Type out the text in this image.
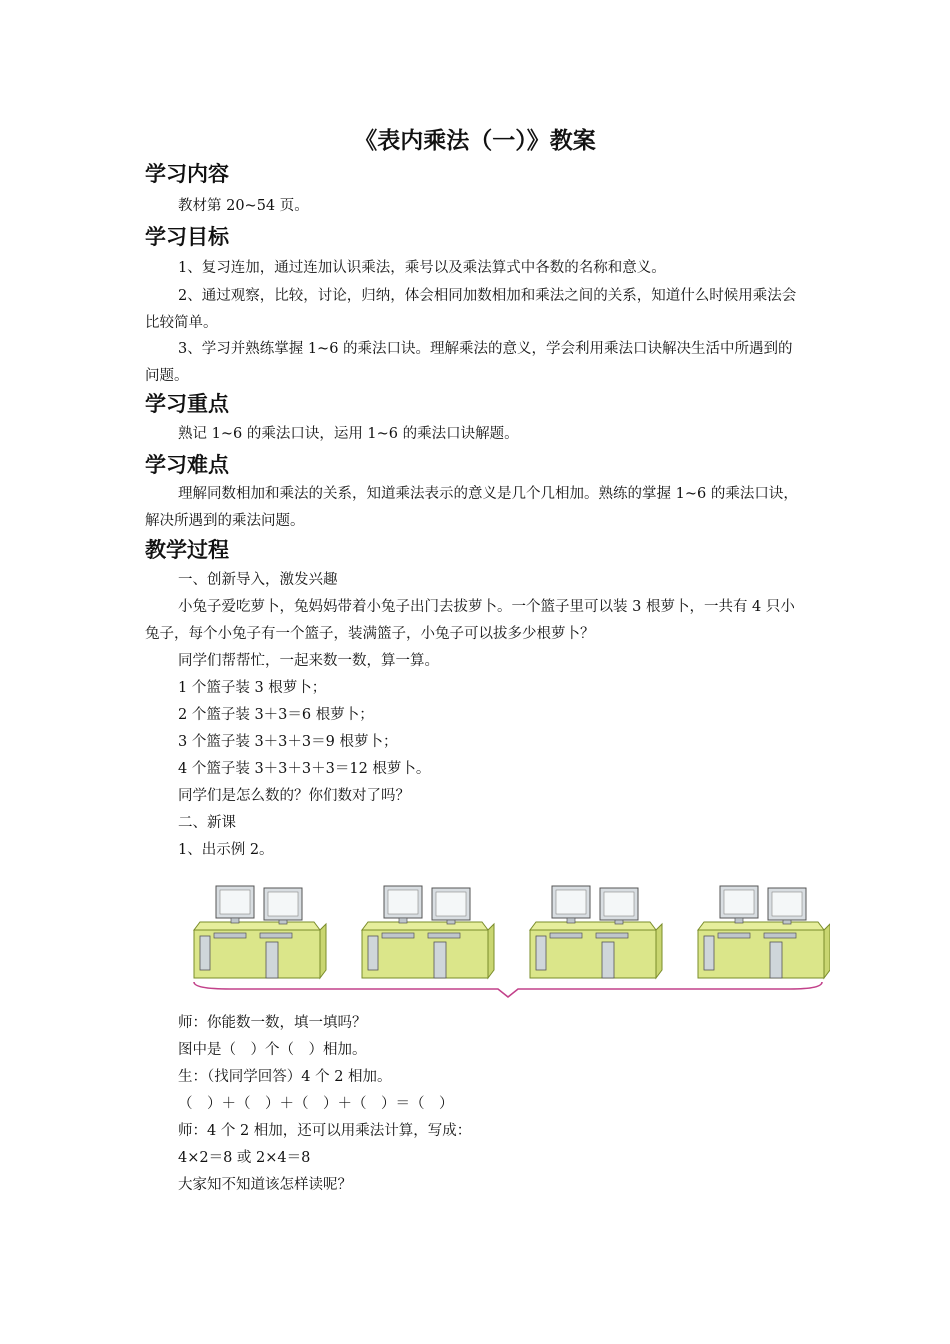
《表内乘法（一）》教案
学习内容
教材第 20~54 页。
学习目标
1、复习连加，通过连加认识乘法，乘号以及乘法算式中各数的名称和意义。
2、通过观察，比较，讨论，归纳，体会相同加数相加和乘法之间的关系，知道什么时候用乘法会比较简单。
3、学习并熟练掌握 1~6 的乘法口诀。理解乘法的意义，学会利用乘法口诀解决生活中所遇到的问题。
学习重点
熟记 1~6 的乘法口诀，运用 1~6 的乘法口诀解题。
学习难点
理解同数相加和乘法的关系，知道乘法表示的意义是几个几相加。熟练的掌握 1~6 的乘法口诀，解决所遇到的乘法问题。
教学过程
一、创新导入，激发兴趣
小兔子爱吃萝卜，兔妈妈带着小兔子出门去拔萝卜。一个篮子里可以装 3 根萝卜，一共有 4 只小兔子，每个小兔子有一个篮子，装满篮子，小兔子可以拔多少根萝卜？
同学们帮帮忙，一起来数一数，算一算。
1 个篮子装 3 根萝卜；
2 个篮子装 3＋3＝6 根萝卜；
3 个篮子装 3＋3＋3＝9 根萝卜；
4 个篮子装 3＋3＋3＋3＝12 根萝卜。
同学们是怎么数的？你们数对了吗？
二、新课
1、出示例 2。
师：你能数一数，填一填吗？
图中是（　）个（　）相加。
生：（找同学回答）4 个 2 相加。
（　）＋（　）＋（　）＋（　）＝（　）
师：4 个 2 相加，还可以用乘法计算，写成：
4×2＝8 或 2×4＝8
大家知不知道该怎样读呢？
